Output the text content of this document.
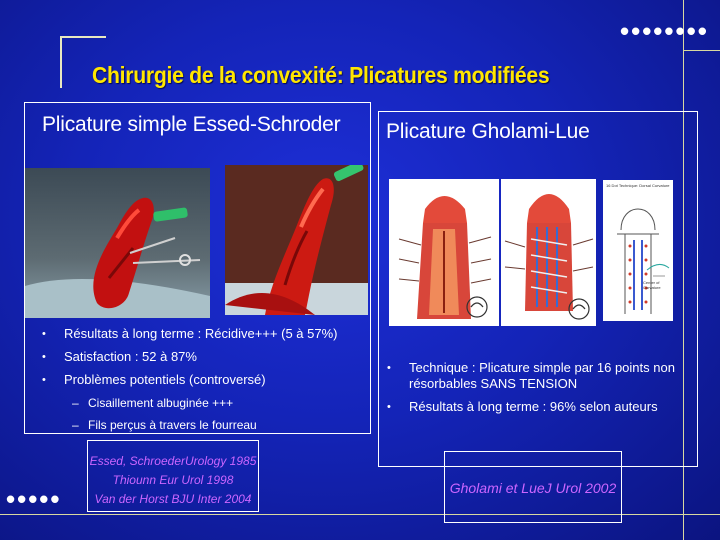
••••••••
•••••
Chirurgie de la convexité: Plicatures modifiées
Plicature simple Essed-Schroder
• Résultats à long terme : Récidive+++ (5 à 57%)
• Satisfaction : 52 à 87%
• Problèmes potentiels (controversé)
– Cisaillement albuginée +++
– Fils perçus à travers le fourreau
Essed, SchroederUrology 1985
Thiounn Eur Urol 1998
Van der Horst BJU Inter 2004
Plicature Gholami-Lue
16 Dot Technique: Dorsal Curvature
Center of Curvature
• Technique : Plicature simple par 16 points non résorbables SANS TENSION
• Résultats à long terme : 96% selon auteurs
Gholami et LueJ Urol 2002
